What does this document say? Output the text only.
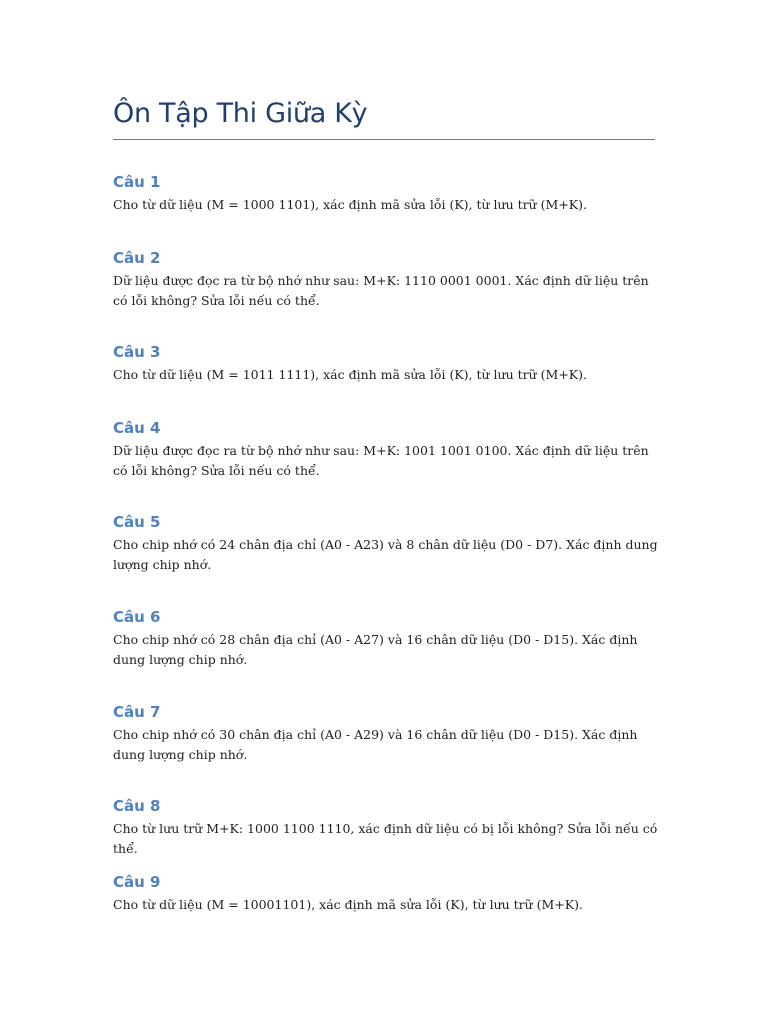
Ôn Tập Thi Giữa Kỳ
Câu 1

Cho từ dữ liệu (M = 1000 1101), xác định mã sửa lỗi (K), từ lưu trữ (M+K).

Câu 2

Dữ liệu được đọc ra từ bộ nhớ như sau: M+K: 1110 0001 0001. Xác định dữ liệu trên có lỗi không? Sửa lỗi nếu có thể.

Câu 3

Cho từ dữ liệu (M = 1011 1111), xác định mã sửa lỗi (K), từ lưu trữ (M+K).

Câu 4

Dữ liệu được đọc ra từ bộ nhớ như sau: M+K: 1001 1001 0100. Xác định dữ liệu trên có lỗi không? Sửa lỗi nếu có thể.

Câu 5

Cho chip nhớ có 24 chân địa chỉ (A0 - A23) và 8 chân dữ liệu (D0 - D7). Xác định dung lượng chip nhớ.

Câu 6

Cho chip nhớ có 28 chân địa chỉ (A0 - A27) và 16 chân dữ liệu (D0 - D15). Xác định dung lượng chip nhớ.

Câu 7

Cho chip nhớ có 30 chân địa chỉ (A0 - A29) và 16 chân dữ liệu (D0 - D15). Xác định dung lượng chip nhớ.

Câu 8

Cho từ lưu trữ M+K: 1000 1100 1110, xác định dữ liệu có bị lỗi không? Sửa lỗi nếu có thể.

Câu 9

Cho từ dữ liệu (M = 10001101), xác định mã sửa lỗi (K), từ lưu trữ (M+K).
